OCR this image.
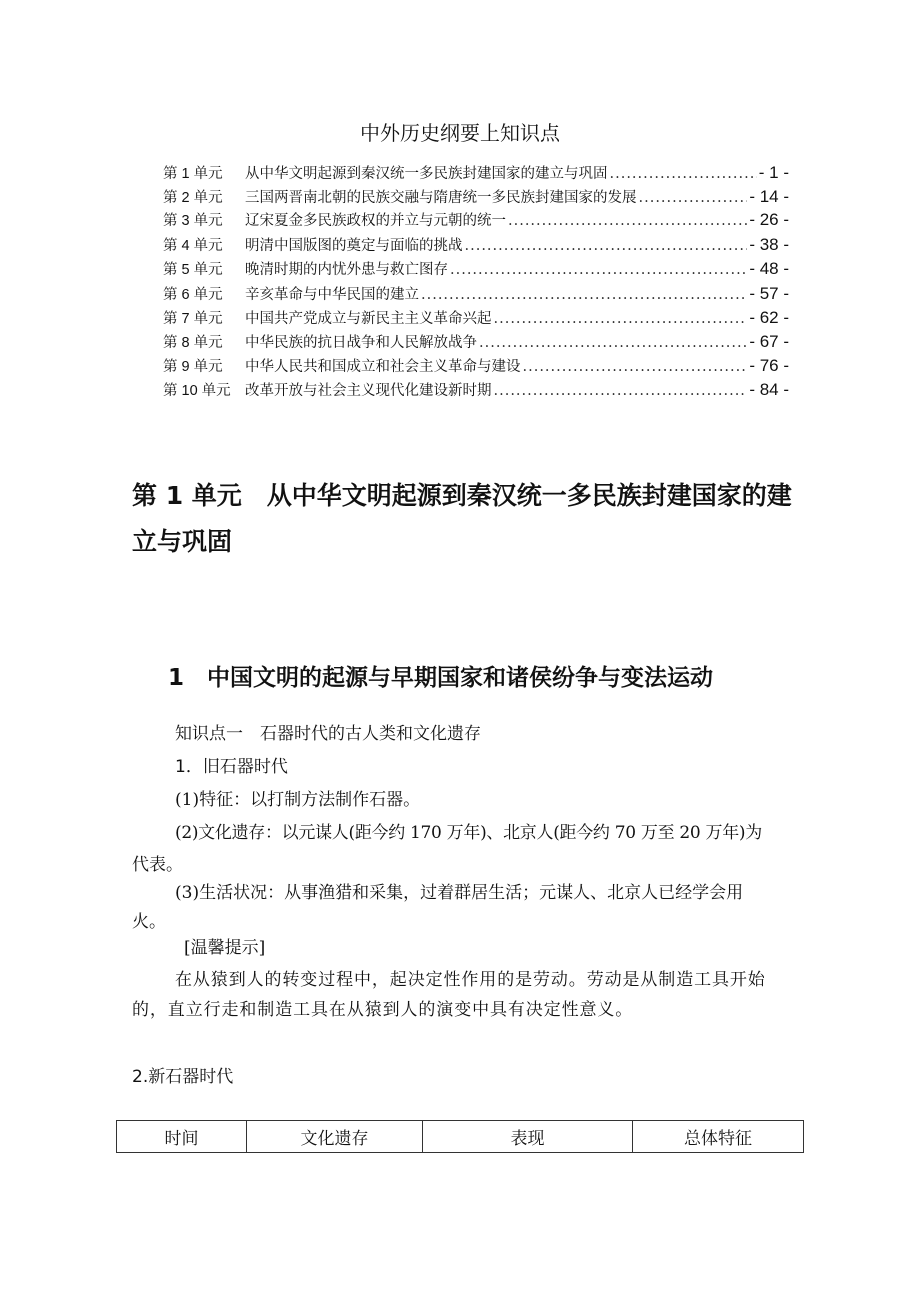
中外历史纲要上知识点
第 1 单元	从中华文明起源到秦汉统一多民族封建国家的建立与巩固 .....	- 1 -
第 2 单元	三国两晋南北朝的民族交融与隋唐统一多民族封建国家的发展 .....	- 14 -
第 3 单元	辽宋夏金多民族政权的并立与元朝的统一 .....	- 26 -
第 4 单元	明清中国版图的奠定与面临的挑战 .....	- 38 -
第 5 单元	晚清时期的内忧外患与救亡图存 .....	- 48 -
第 6 单元	辛亥革命与中华民国的建立 .....	- 57 -
第 7 单元	中国共产党成立与新民主主义革命兴起 .....	- 62 -
第 8 单元	中华民族的抗日战争和人民解放战争 .....	- 67 -
第 9 单元	中华人民共和国成立和社会主义革命与建设 .....	- 76 -
第 10 单元 改革开放与社会主义现代化建设新时期 .....	- 84 -
第 1 单元　从中华文明起源到秦汉统一多民族封建国家的建
立与巩固
1　中国文明的起源与早期国家和诸侯纷争与变法运动
知识点一　石器时代的古人类和文化遗存
1．旧石器时代
(1)特征：以打制方法制作石器。
(2)文化遗存：以元谋人(距今约 170 万年)、北京人(距今约 70 万至 20 万年)为
代表。
(3)生活状况：从事渔猎和采集，过着群居生活；元谋人、北京人已经学会用
火。
[温馨提示]
在从猿到人的转变过程中，起决定性作用的是劳动。劳动是从制造工具开始
的，直立行走和制造工具在从猿到人的演变中具有决定性意义。
2.新石器时代
时间	文化遗存	表现	总体特征
